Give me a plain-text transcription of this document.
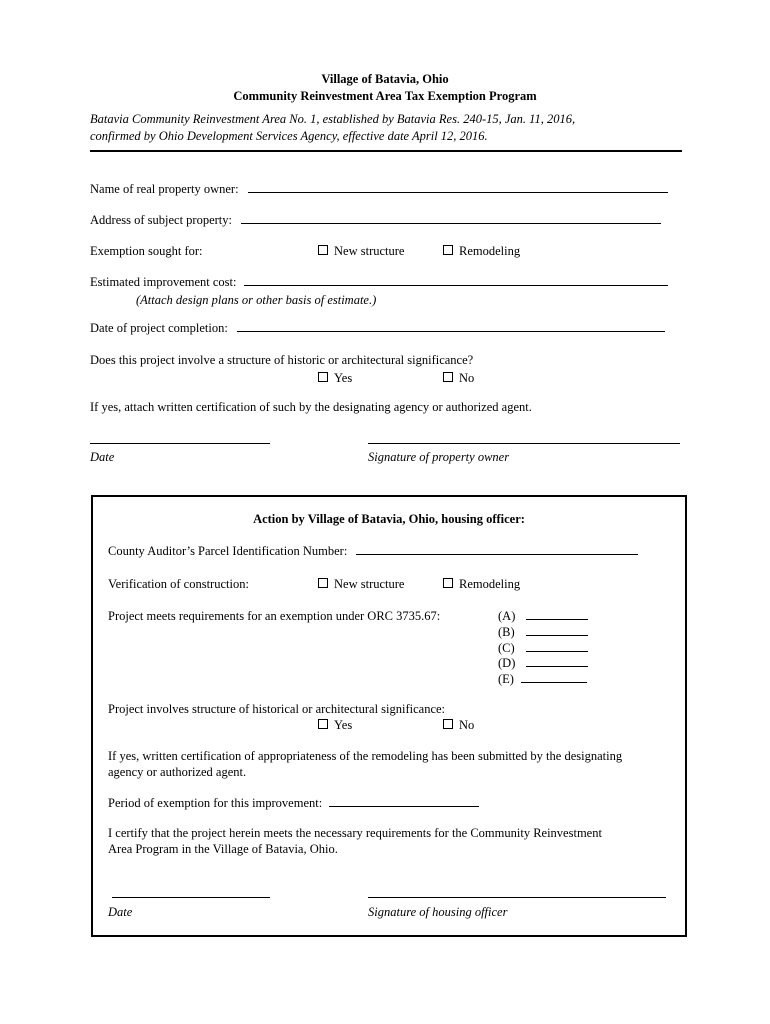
Village of Batavia, Ohio
Community Reinvestment Area Tax Exemption Program
Batavia Community Reinvestment Area No. 1, established by Batavia Res. 240-15, Jan. 11, 2016,
confirmed by Ohio Development Services Agency, effective date April 12, 2016.
Name of real property owner:
Address of subject property:
Exemption sought for:	New structure	Remodeling
Estimated improvement cost:
(Attach design plans or other basis of estimate.)
Date of project completion:
Does this project involve a structure of historic or architectural significance?
Yes	No
If yes, attach written certification of such by the designating agency or authorized agent.
Date	Signature of property owner
Action by Village of Batavia, Ohio, housing officer:
County Auditor’s Parcel Identification Number:
Verification of construction:	New structure	Remodeling
Project meets requirements for an exemption under ORC 3735.67:	(A)
(B)
(C)
(D)
(E)
Project involves structure of historical or architectural significance:
Yes	No
If yes, written certification of appropriateness of the remodeling has been submitted by the designating
agency or authorized agent.
Period of exemption for this improvement:
I certify that the project herein meets the necessary requirements for the Community Reinvestment
Area Program in the Village of Batavia, Ohio.
Date	Signature of housing officer
